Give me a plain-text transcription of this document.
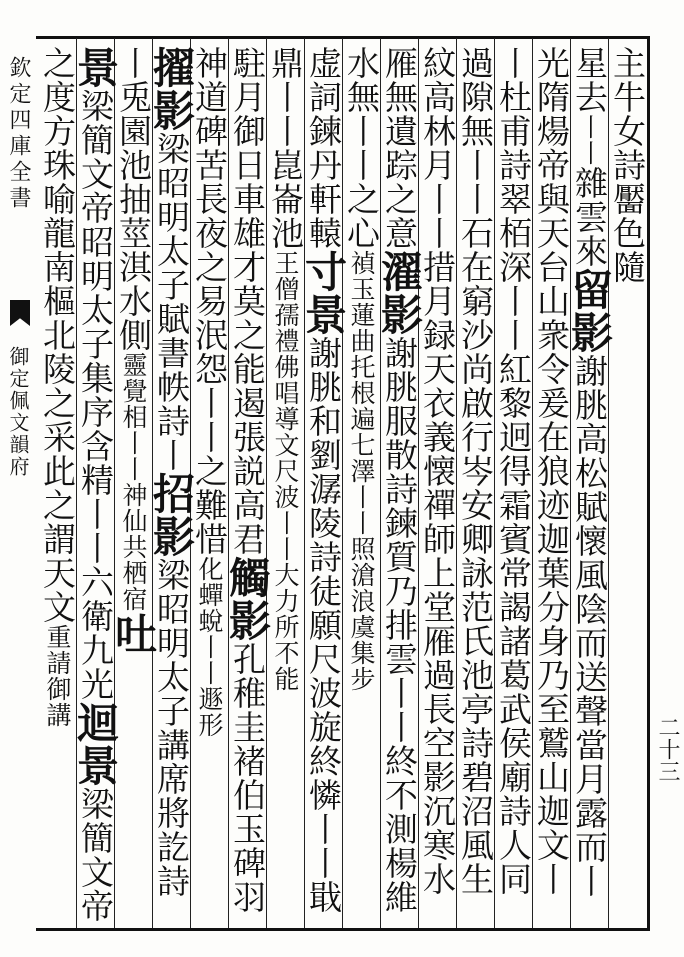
欽定四庫全書
御定佩文韻府
二十三
主牛女詩靨色隨
星去丨丨雜雲來留影謝朓高松賦懷風陰而送聲當月露而丨
光隋煬帝與天台山衆令爰在狼迹迦葉分身乃至鷲山迦文丨
丨杜甫詩翠栢深丨丨紅黎迥得霜賓常謁諸葛武侯廟詩人同
過隙無丨丨石在窮沙尚啟行岑安卿詠范氏池亭詩碧沼風生
紋高林月丨丨措月録天衣義懐禪師上堂雁過長空影沉寒水
雁無遺踪之意濯影謝朓服散詩鍊質乃排雲丨丨終不測楊維
水無丨丨之心禎玉蓮曲托根遍七澤丨丨照滄浪虞集步
虚詞鍊丹軒轅寸景謝朓和劉潺陵詩徒願尺波旋終憐丨丨戢
鼎丨丨崑崙池王僧孺禮佛唱導文尺波丨丨大力所不能
駐月御日車雄才莫之能遏張説高君觸影孔稚圭褚伯玉碑羽
神道碑苦長夜之易泯怨丨丨之難惜化蟬蛻丨丨遯形
擢影梁昭明太子賦書帙詩丨招影梁昭明太子講席將訖詩
丨兎園池抽莖淇水側靈覺相丨丨神仙共栖宿吐
景梁簡文帝昭明太子集序含精丨丨六衛九光迴景梁簡文帝
之度方珠喻龍南樞北陵之采此之謂天文重請御講
